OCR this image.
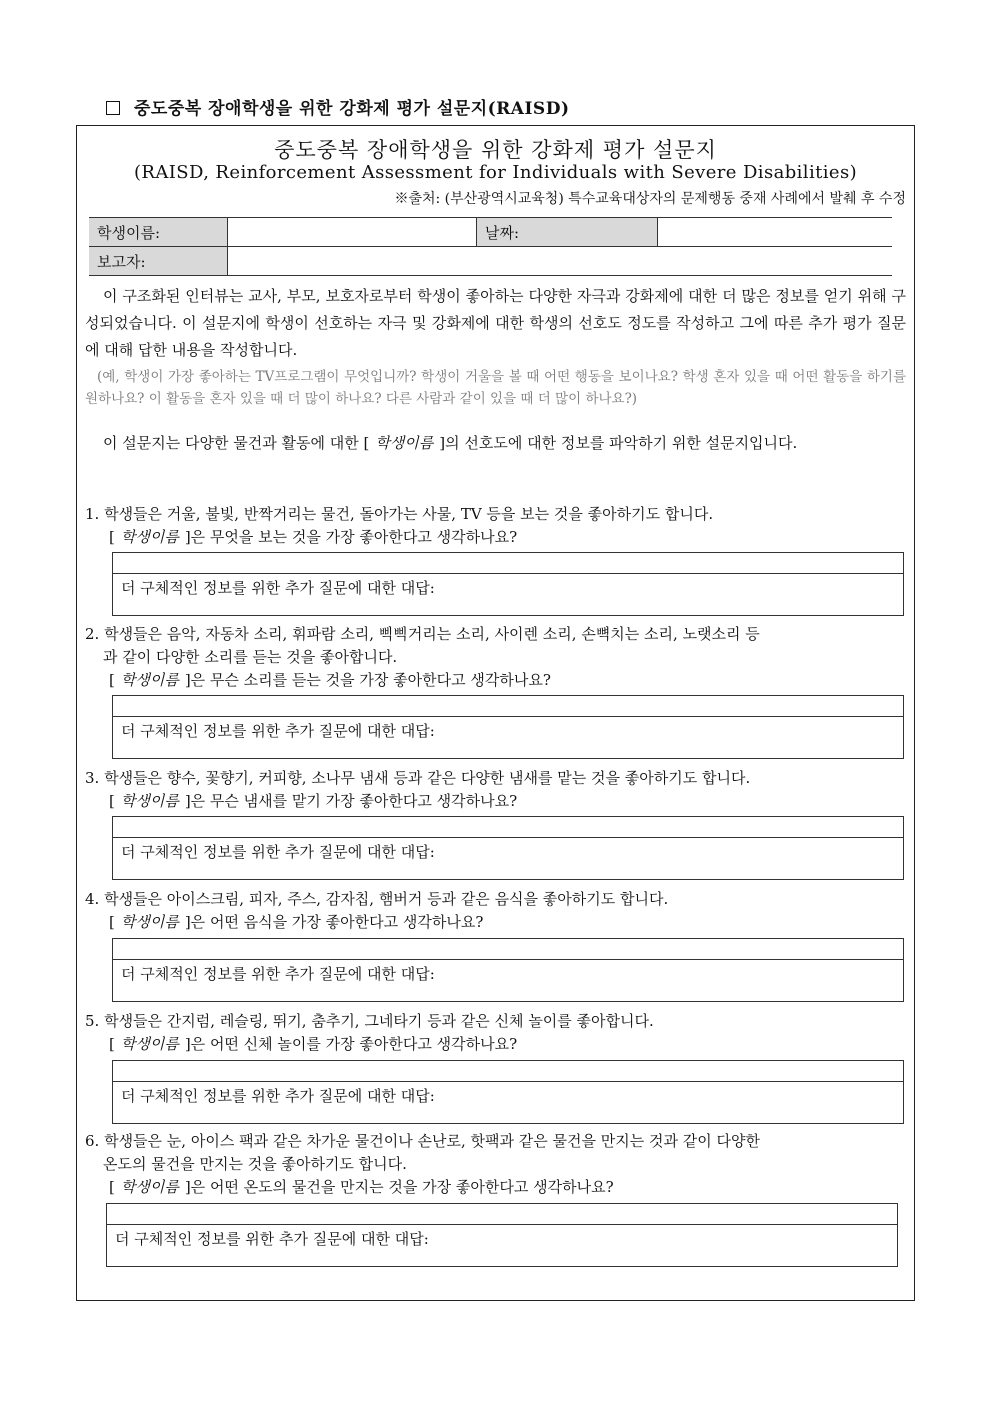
중도중복 장애학생을 위한 강화제 평가 설문지(RAISD)
중도중복 장애학생을 위한 강화제 평가 설문지
(RAISD, Reinforcement Assessment for Individuals with Severe Disabilities)
※출처: (부산광역시교육청) 특수교육대상자의 문제행동 중재 사례에서 발췌 후 수정
학생이름:		날짜:	
보고자:			
이 구조화된 인터뷰는 교사, 부모, 보호자로부터 학생이 좋아하는 다양한 자극과 강화제에 대한 더 많은 정보를 얻기 위해 구성되었습니다. 이 설문지에 학생이 선호하는 자극 및 강화제에 대한 학생의 선호도 정도를 작성하고 그에 따른 추가 평가 질문에 대해 답한 내용을 작성합니다.
(예, 학생이 가장 좋아하는 TV프로그램이 무엇입니까? 학생이 거울을 볼 때 어떤 행동을 보이나요? 학생 혼자 있을 때 어떤 활동을 하기를 원하나요? 이 활동을 혼자 있을 때 더 많이 하나요? 다른 사람과 같이 있을 때 더 많이 하나요?)
이 설문지는 다양한 물건과 활동에 대한 [ 학생이름 ]의 선호도에 대한 정보를 파악하기 위한 설문지입니다.
1. 학생들은 거울, 불빛, 반짝거리는 물건, 돌아가는 사물, TV 등을 보는 것을 좋아하기도 합니다.
[ 학생이름 ]은 무엇을 보는 것을 가장 좋아한다고 생각하나요?
더 구체적인 정보를 위한 추가 질문에 대한 대답:
2. 학생들은 음악, 자동차 소리, 휘파람 소리, 삑삑거리는 소리, 사이렌 소리, 손뼉치는 소리, 노랫소리 등
과 같이 다양한 소리를 듣는 것을 좋아합니다.
[ 학생이름 ]은 무슨 소리를 듣는 것을 가장 좋아한다고 생각하나요?
더 구체적인 정보를 위한 추가 질문에 대한 대답:
3. 학생들은 향수, 꽃향기, 커피향, 소나무 냄새 등과 같은 다양한 냄새를 맡는 것을 좋아하기도 합니다.
[ 학생이름 ]은 무슨 냄새를 맡기 가장 좋아한다고 생각하나요?
더 구체적인 정보를 위한 추가 질문에 대한 대답:
4. 학생들은 아이스크림, 피자, 주스, 감자칩, 햄버거 등과 같은 음식을 좋아하기도 합니다.
[ 학생이름 ]은 어떤 음식을 가장 좋아한다고 생각하나요?
더 구체적인 정보를 위한 추가 질문에 대한 대답:
5. 학생들은 간지럼, 레슬링, 뛰기, 춤추기, 그네타기 등과 같은 신체 놀이를 좋아합니다.
[ 학생이름 ]은 어떤 신체 놀이를 가장 좋아한다고 생각하나요?
더 구체적인 정보를 위한 추가 질문에 대한 대답:
6. 학생들은 눈, 아이스 팩과 같은 차가운 물건이나 손난로, 핫팩과 같은 물건을 만지는 것과 같이 다양한
온도의 물건을 만지는 것을 좋아하기도 합니다.
[ 학생이름 ]은 어떤 온도의 물건을 만지는 것을 가장 좋아한다고 생각하나요?
더 구체적인 정보를 위한 추가 질문에 대한 대답:
